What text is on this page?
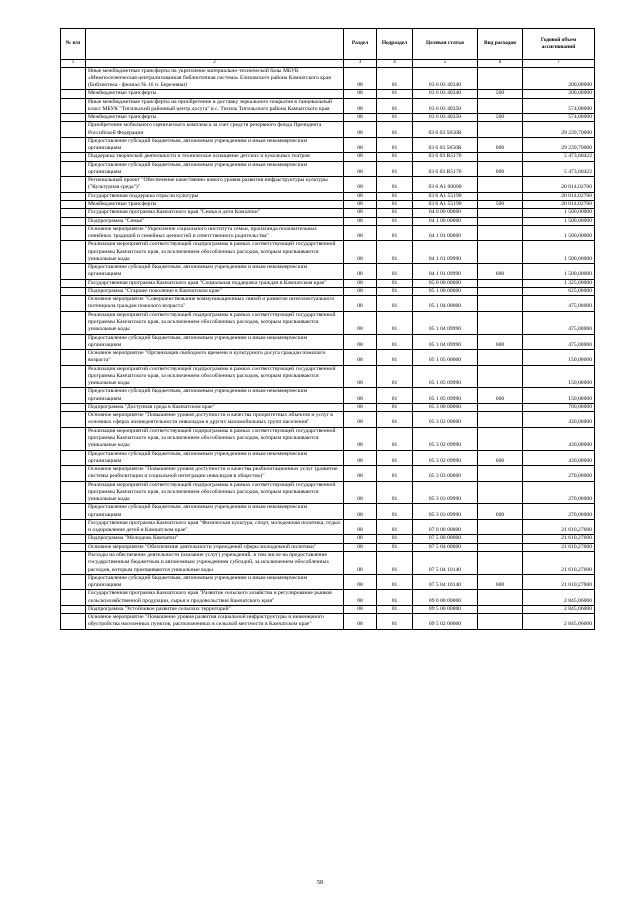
№ п/п		Раздел	Подраздел	Целевая статья	Вид расходов	Годовой объем ассигнований
1	2	3	4	5	6	7
	Иные межбюджетные трансферты на укрепление материально-технической базы МБУК «Межпоселенческая централизованная библиотечная система» Елизовского района Камчатского края (Библиотека - филиал № 16 п. Березняки)	08	01	03 6 03 40340		200,00000
	Межбюджетные трансферты	08	01	03 6 03 40340	500	200,00000
	Иные межбюджетные трансферты на приобретение и доставку зеркального покрытия в танцевальный класс МБУК "Тигильский районный центр досуга" в с. Тигиль Тигильского района Камчатского края	08	01	03 6 03 40350		574,00000
	Межбюджетные трансферты	08	01	03 6 03 40350	500	574,00000
	Приобретение мобильного сценического комплекса за счет средств резервного фонда Президента Российской Федерации	08	01	03 6 03 5656R		29 239,70000
	Предоставление субсидий бюджетным, автономным учреждениям и иным некоммерческим организациям	08	01	03 6 03 5656R	600	29 239,70000
	Поддержка творческой деятельности и техническое оснащение детских и кукольных театров	08	01	03 6 03 R5170		5 473,68422
	Предоставление субсидий бюджетным, автономным учреждениям и иным некоммерческим организациям	08	01	03 6 03 R5170	600	5 473,68422
	Региональный проект "Обеспечение качественно нового уровня развития инфраструктуры культуры ("Культурная среда")"	08	01	03 6 A1 00000		20 014,02760
	Государственная поддержка отрасли культуры	08	01	03 6 A1 55190		20 014,02760
	Межбюджетные трансферты	08	01	03 6 A1 55190	500	20 014,02760
	Государственная программа Камчатского края "Семья и дети Камчатки"	08	01	04 0 00 00000		1 500,00000
	Подпрограмма "Семья"	08	01	04 1 00 00000		1 500,00000
	Основное мероприятие "Укрепление социального института семьи, пропаганда положительных семейных традиций и семейных ценностей и ответственного родительства"	08	01	04 1 01 00000		1 500,00000
	Реализация мероприятий соответствующей подпрограммы в рамках соответствующей государственной программы Камчатского края, за исключением обособленных расходов, которым присваиваются уникальные коды	08	01	04 1 01 09990		1 500,00000
	Предоставление субсидий бюджетным, автономным учреждениям и иным некоммерческим организациям	08	01	04 1 01 09990	600	1 500,00000
	Государственная программа Камчатского края "Социальная поддержка граждан в Камчатском крае"	08	01	05 0 00 00000		1 325,00000
	Подпрограмма "Старшее поколение в Камчатском крае"	08	01	05 1 00 00000		625,00000
	Основное мероприятие "Совершенствование коммуникационных связей и развитие интеллектуального потенциала граждан пожилого возраста"	08	01	05 1 04 00000		475,00000
	Реализация мероприятий соответствующей подпрограммы в рамках соответствующей государственной программы Камчатского края, за исключением обособленных расходов, которым присваиваются уникальные коды	08	01	05 1 04 09990		475,00000
	Предоставление субсидий бюджетным, автономным учреждениям и иным некоммерческим организациям	08	01	05 1 04 09990	600	475,00000
	Основное мероприятие "Организация свободного времени и культурного досуга граждан пожилого возраста"	08	01	05 1 05 00000		150,00000
	Реализация мероприятий соответствующей подпрограммы в рамках соответствующей государственной программы Камчатского края, за исключением обособленных расходов, которым присваиваются уникальные коды	08	01	05 1 05 09990		150,00000
	Предоставление субсидий бюджетным, автономным учреждениям и иным некоммерческим организациям	08	01	05 1 05 09990	600	150,00000
	Подпрограмма "Доступная среда в Камчатском крае"	08	01	05 3 00 00000		700,00000
	Основное мероприятие "Повышение уровня доступности и качества приоритетных объектов и услуг в основных сферах жизнедеятельности инвалидов и других маломобильных групп населения"	08	01	05 3 02 00000		430,00000
	Реализация мероприятий соответствующей подпрограммы в рамках соответствующей государственной программы Камчатского края, за исключением обособленных расходов, которым присваиваются уникальные коды	08	01	05 3 02 09990		430,00000
	Предоставление субсидий бюджетным, автономным учреждениям и иным некоммерческим организациям	08	01	05 3 02 09990	600	430,00000
	Основное мероприятие "Повышение уровня доступности и качества реабилитационных услуг (развитие системы реабилитации и социальной интеграции инвалидов в общество)"	08	01	05 3 03 00000		270,00000
	Реализация мероприятий соответствующей подпрограммы в рамках соответствующей государственной программы Камчатского края, за исключением обособленных расходов, которым присваиваются уникальные коды	08	01	05 3 03 09990		270,00000
	Предоставление субсидий бюджетным, автономным учреждениям и иным некоммерческим организациям	08	01	05 3 03 09990	600	270,00000
	Государственная программа Камчатского края "Физическая культура, спорт, молодежная политика, отдых и оздоровление детей в Камчатском крае"	08	01	07 0 00 00000		21 610,27600
	Подпрограмма "Молодежь Камчатки"	08	01	07 5 00 00000		21 610,27600
	Основное мероприятие "Обеспечение деятельности учреждений сферы молодежной политики"	08	01	07 5 04 00000		21 610,27600
	Расходы на обеспечение деятельности (оказание услуг) учреждений, в том числе на предоставление государственным бюджетным и автономным учреждениям субсидий, за исключением обособленных расходов, которым присваиваются уникальные коды	08	01	07 5 04 10140		21 610,27600
	Предоставление субсидий бюджетным, автономным учреждениям и иным некоммерческим организациям	08	01	07 5 04 10140	600	21 610,27600
	Государственная программа Камчатского края "Развитие сельского хозяйства и регулирование рынков сельскохозяйственной продукции, сырья и продовольствия Камчатского края"	08	01	09 0 00 00000		2 845,06000
	Подпрограмма "Устойчивое развитие сельских территорий"	08	01	09 5 00 00000		2 845,06000
	Основное мероприятие "Повышение уровня развития социальной инфраструктуры и инженерного обустройства населенных пунктов, расположенных в сельской местности в Камчатском крае"	08	01	09 5 02 00000		2 845,06000
58
